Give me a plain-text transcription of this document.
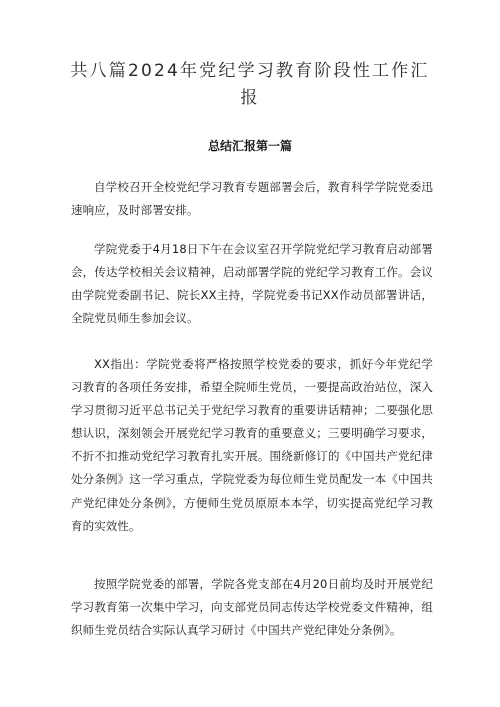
共八篇2024年党纪学习教育阶段性工作汇报
总结汇报第一篇

自学校召开全校党纪学习教育专题部署会后，教育科学学院党委迅速响应，及时部署安排。

学院党委于4月18日下午在会议室召开学院党纪学习教育启动部署会，传达学校相关会议精神，启动部署学院的党纪学习教育工作。会议由学院党委副书记、院长XX主持，学院党委书记XX作动员部署讲话，全院党员师生参加会议。

XX指出：学院党委将严格按照学校党委的要求，抓好今年党纪学习教育的各项任务安排，希望全院师生党员，一要提高政治站位，深入学习贯彻习近平总书记关于党纪学习教育的重要讲话精神；二要强化思想认识，深刻领会开展党纪学习教育的重要意义；三要明确学习要求，不折不扣推动党纪学习教育扎实开展。围绕新修订的《中国共产党纪律处分条例》这一学习重点，学院党委为每位师生党员配发一本《中国共产党纪律处分条例》，方便师生党员原原本本学，切实提高党纪学习教育的实效性。

按照学院党委的部署，学院各党支部在4月20日前均及时开展党纪学习教育第一次集中学习，向支部党员同志传达学校党委文件精神，组织师生党员结合实际认真学习研讨《中国共产党纪律处分条例》。
